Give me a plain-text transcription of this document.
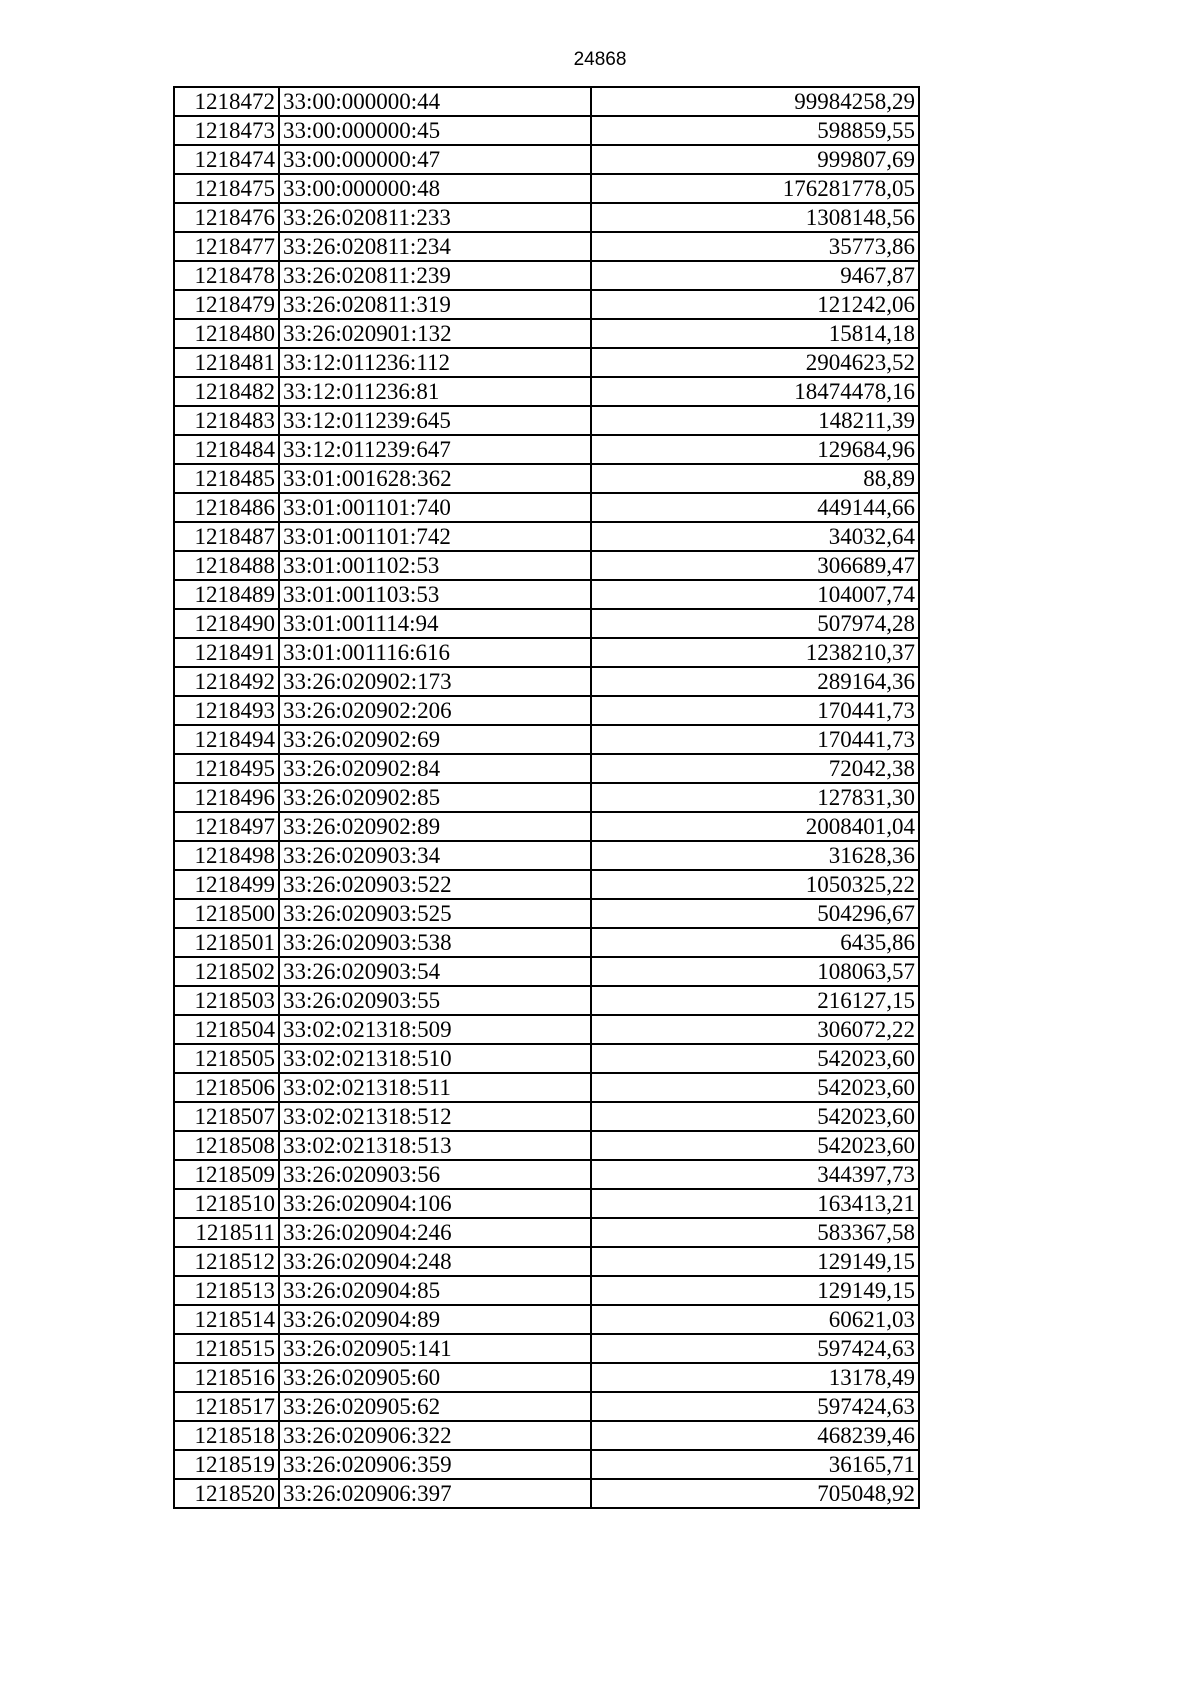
24868
1218472	33:00:000000:44	99984258,29
1218473	33:00:000000:45	598859,55
1218474	33:00:000000:47	999807,69
1218475	33:00:000000:48	176281778,05
1218476	33:26:020811:233	1308148,56
1218477	33:26:020811:234	35773,86
1218478	33:26:020811:239	9467,87
1218479	33:26:020811:319	121242,06
1218480	33:26:020901:132	15814,18
1218481	33:12:011236:112	2904623,52
1218482	33:12:011236:81	18474478,16
1218483	33:12:011239:645	148211,39
1218484	33:12:011239:647	129684,96
1218485	33:01:001628:362	88,89
1218486	33:01:001101:740	449144,66
1218487	33:01:001101:742	34032,64
1218488	33:01:001102:53	306689,47
1218489	33:01:001103:53	104007,74
1218490	33:01:001114:94	507974,28
1218491	33:01:001116:616	1238210,37
1218492	33:26:020902:173	289164,36
1218493	33:26:020902:206	170441,73
1218494	33:26:020902:69	170441,73
1218495	33:26:020902:84	72042,38
1218496	33:26:020902:85	127831,30
1218497	33:26:020902:89	2008401,04
1218498	33:26:020903:34	31628,36
1218499	33:26:020903:522	1050325,22
1218500	33:26:020903:525	504296,67
1218501	33:26:020903:538	6435,86
1218502	33:26:020903:54	108063,57
1218503	33:26:020903:55	216127,15
1218504	33:02:021318:509	306072,22
1218505	33:02:021318:510	542023,60
1218506	33:02:021318:511	542023,60
1218507	33:02:021318:512	542023,60
1218508	33:02:021318:513	542023,60
1218509	33:26:020903:56	344397,73
1218510	33:26:020904:106	163413,21
1218511	33:26:020904:246	583367,58
1218512	33:26:020904:248	129149,15
1218513	33:26:020904:85	129149,15
1218514	33:26:020904:89	60621,03
1218515	33:26:020905:141	597424,63
1218516	33:26:020905:60	13178,49
1218517	33:26:020905:62	597424,63
1218518	33:26:020906:322	468239,46
1218519	33:26:020906:359	36165,71
1218520	33:26:020906:397	705048,92
